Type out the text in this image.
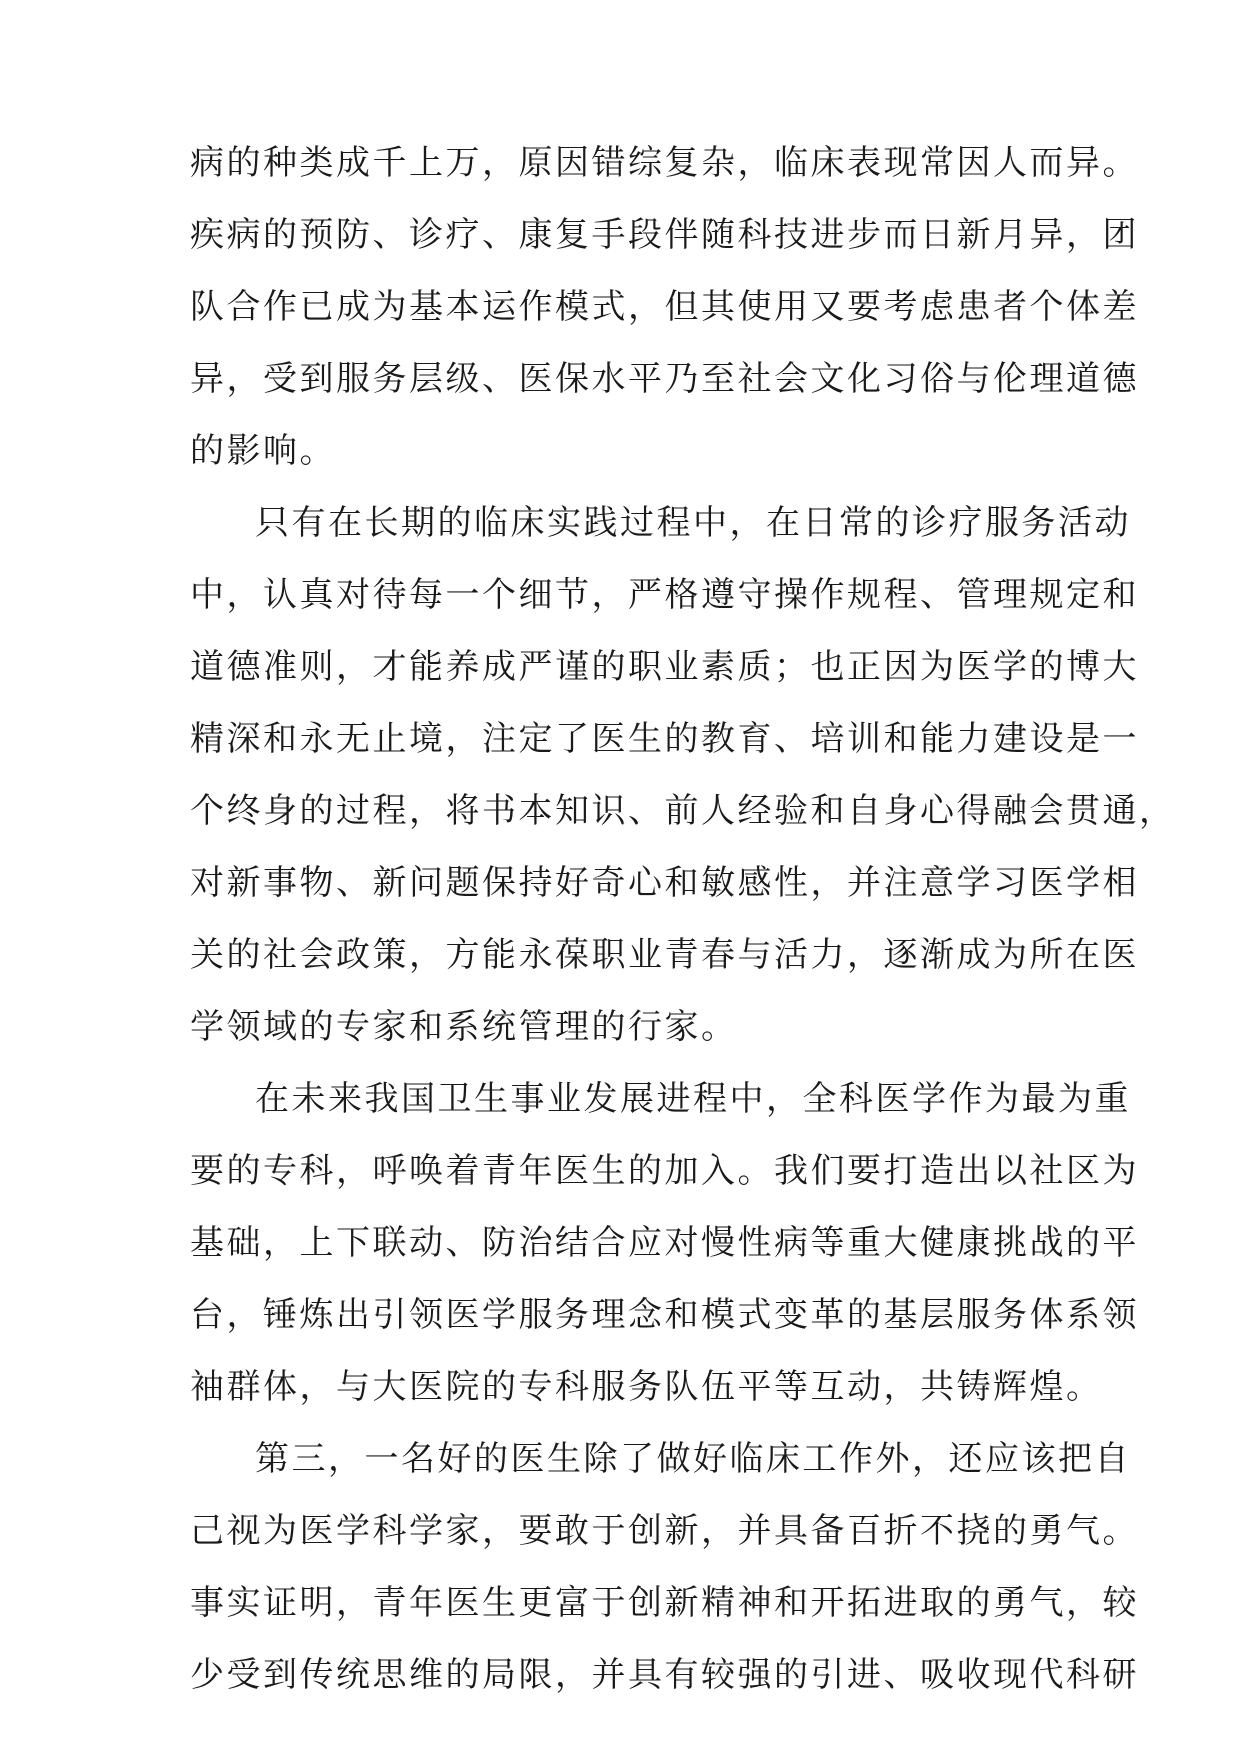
病的种类成千上万，原因错综复杂，临床表现常因人而异。
疾病的预防、诊疗、康复手段伴随科技进步而日新月异，团
队合作已成为基本运作模式，但其使用又要考虑患者个体差
异，受到服务层级、医保水平乃至社会文化习俗与伦理道德
的影响。
只有在长期的临床实践过程中，在日常的诊疗服务活动
中，认真对待每一个细节，严格遵守操作规程、管理规定和
道德准则，才能养成严谨的职业素质；也正因为医学的博大
精深和永无止境，注定了医生的教育、培训和能力建设是一
个终身的过程，将书本知识、前人经验和自身心得融会贯通，
对新事物、新问题保持好奇心和敏感性，并注意学习医学相
关的社会政策，方能永葆职业青春与活力，逐渐成为所在医
学领域的专家和系统管理的行家。
在未来我国卫生事业发展进程中，全科医学作为最为重
要的专科，呼唤着青年医生的加入。我们要打造出以社区为
基础，上下联动、防治结合应对慢性病等重大健康挑战的平
台，锤炼出引领医学服务理念和模式变革的基层服务体系领
袖群体，与大医院的专科服务队伍平等互动，共铸辉煌。
第三，一名好的医生除了做好临床工作外，还应该把自
己视为医学科学家，要敢于创新，并具备百折不挠的勇气。
事实证明，青年医生更富于创新精神和开拓进取的勇气，较
少受到传统思维的局限，并具有较强的引进、吸收现代科研
